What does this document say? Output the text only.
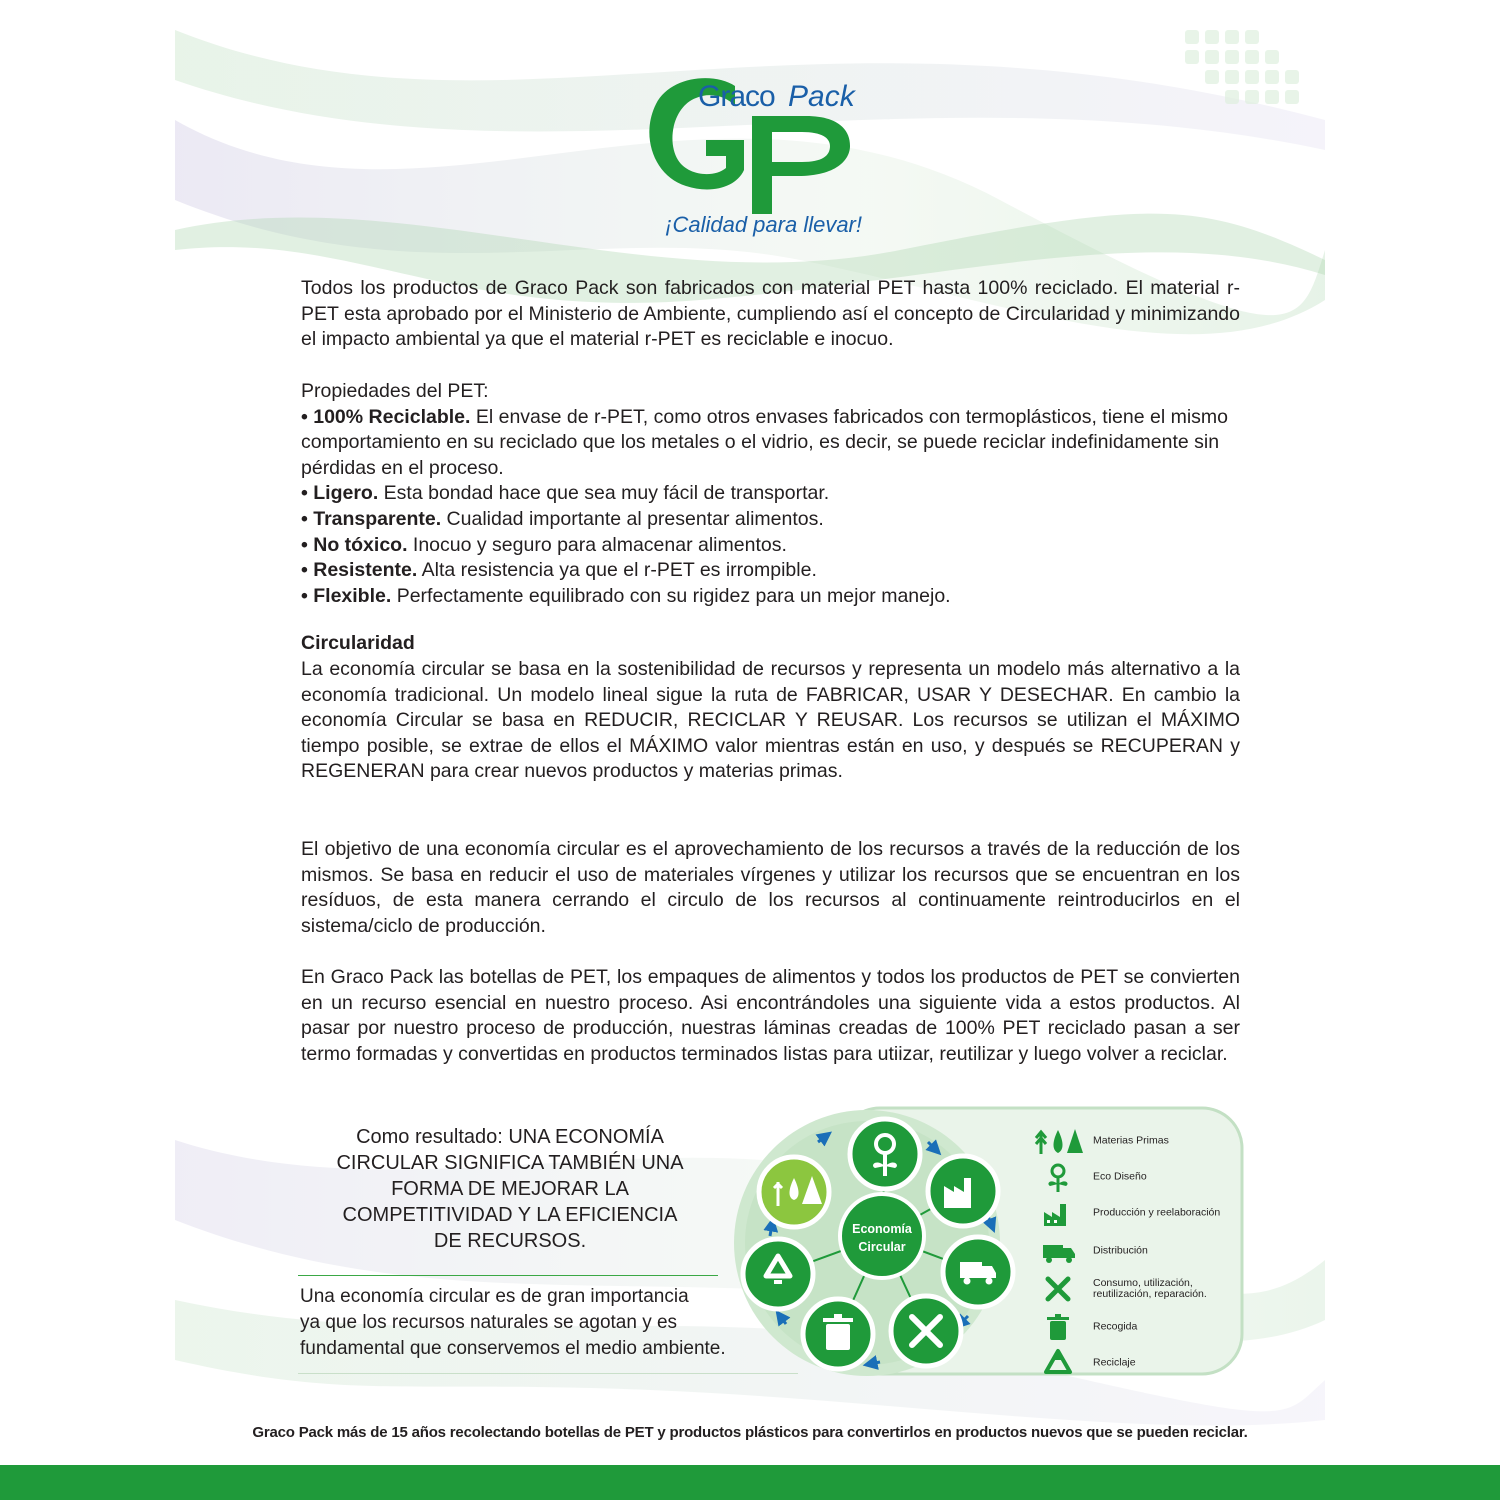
Graco Pack
GP
¡Calidad para llevar!
Todos los productos de Graco Pack son fabricados con material PET hasta 100% reciclado. El material r-PET esta aprobado por el Ministerio de Ambiente, cumpliendo así el concepto de Circularidad y minimizando el impacto ambiental ya que el material r-PET es reciclable e inocuo.

Propiedades del PET:

• 100% Reciclable. El envase de r-PET, como otros envases fabricados con termoplásticos, tiene el mismo comportamiento en su reciclado que los metales o el vidrio, es decir, se puede reciclar indefinidamente sin pérdidas en el proceso.
• Ligero. Esta bondad hace que sea muy fácil de transportar.
• Transparente. Cualidad importante al presentar alimentos.
• No tóxico. Inocuo y seguro para almacenar alimentos.
• Resistente. Alta resistencia ya que el r-PET es irrompible.
• Flexible. Perfectamente equilibrado con su rigidez para un mejor manejo.

Circularidad

La economía circular se basa en la sostenibilidad de recursos y representa un modelo más alternativo a la economía tradicional. Un modelo lineal sigue la ruta de FABRICAR, USAR Y DESECHAR. En cambio la economía Circular se basa en REDUCIR, RECICLAR Y REUSAR. Los recursos se utilizan el MÁXIMO tiempo posible, se extrae de ellos el MÁXIMO valor mientras están en uso, y después se RECUPERAN y REGENERAN para crear nuevos productos y materias primas.
El objetivo de una economía circular es el aprovechamiento de los recursos a través de la reducción de los mismos. Se basa en reducir el uso de materiales vírgenes y utilizar los recursos que se encuentran en los resíduos, de esta manera cerrando el circulo de los recursos al continuamente reintroducirlos en el sistema/ciclo de producción.
En Graco Pack las botellas de PET, los empaques de alimentos y todos los productos de PET se convierten en un recurso esencial en nuestro proceso. Asi encontrándoles una siguiente vida a estos productos. Al pasar por nuestro proceso de producción, nuestras láminas creadas de 100% PET reciclado pasan a ser termo formadas y convertidas en productos terminados listas para utiizar, reutilizar y luego volver a reciclar.
Como resultado: UNA ECONOMÍA
CIRCULAR SIGNIFICA TAMBIÉN UNA
FORMA DE MEJORAR LA
COMPETITIVIDAD Y LA EFICIENCIA
DE RECURSOS.
Una economía circular es de gran importancia
ya que los recursos naturales se agotan y es
fundamental que conservemos el medio ambiente.
Economía
Circular
Materias Primas
Eco Diseño
Producción y reelaboración
Distribución
Consumo, utilización, reutilización, reparación.
Recogida
Reciclaje
Graco Pack más de 15 años recolectando botellas de PET y productos plásticos para convertirlos en productos nuevos que se pueden reciclar.
